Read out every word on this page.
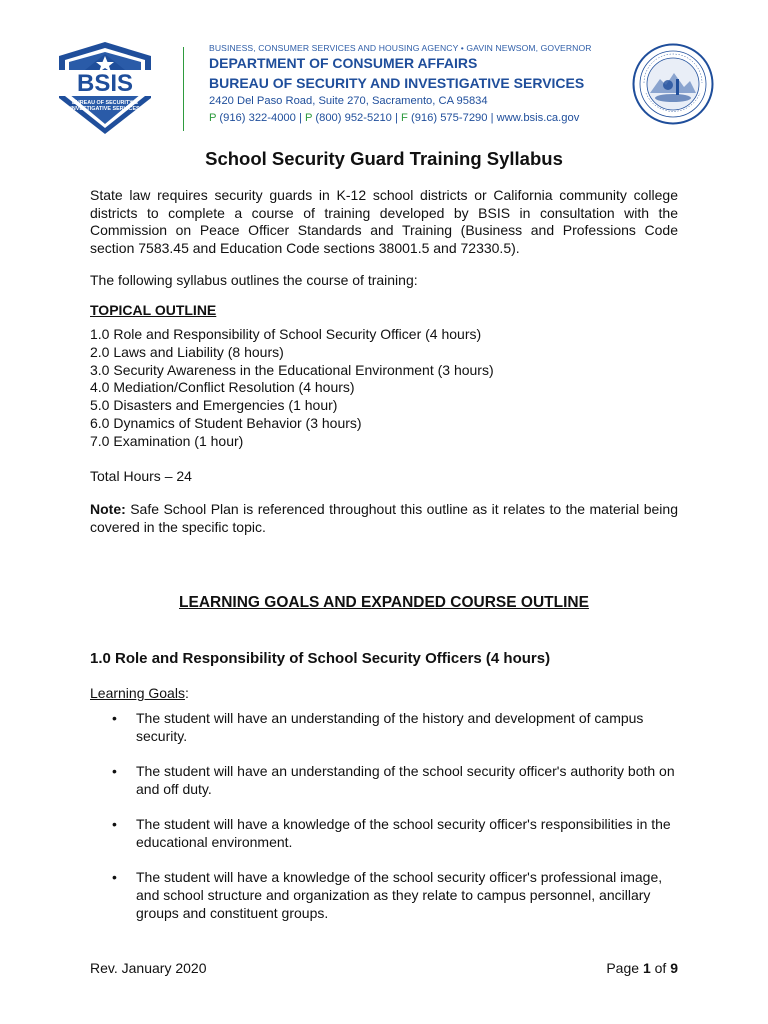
BSIS
BUREAU OF SECURITY &
INVESTIGATIVE SERVICES
BUSINESS, CONSUMER SERVICES AND HOUSING AGENCY • GAVIN NEWSOM, GOVERNOR
DEPARTMENT OF CONSUMER AFFAIRS
BUREAU OF SECURITY AND INVESTIGATIVE SERVICES
2420 Del Paso Road, Suite 270, Sacramento, CA 95834
P (916) 322-4000 | P (800) 952-5210 | F (916) 575-7290 | www.bsis.ca.gov
School Security Guard Training Syllabus
State law requires security guards in K-12 school districts or California community college districts to complete a course of training developed by BSIS in consultation with the Commission on Peace Officer Standards and Training (Business and Professions Code section 7583.45 and Education Code sections 38001.5 and 72330.5).
The following syllabus outlines the course of training:
TOPICAL OUTLINE
1.0 Role and Responsibility of School Security Officer (4 hours)
2.0 Laws and Liability (8 hours)
3.0 Security Awareness in the Educational Environment (3 hours)
4.0 Mediation/Conflict Resolution (4 hours)
5.0 Disasters and Emergencies (1 hour)
6.0 Dynamics of Student Behavior (3 hours)
7.0 Examination (1 hour)
Total Hours – 24
Note: Safe School Plan is referenced throughout this outline as it relates to the material being covered in the specific topic.
LEARNING GOALS AND EXPANDED COURSE OUTLINE
1.0 Role and Responsibility of School Security Officers (4 hours)
Learning Goals:
• The student will have an understanding of the history and development of campus security.
• The student will have an understanding of the school security officer's authority both on and off duty.
• The student will have a knowledge of the school security officer's responsibilities in the educational environment.
• The student will have a knowledge of the school security officer's professional image, and school structure and organization as they relate to campus personnel, ancillary groups and constituent groups.
Rev. January 2020	Page 1 of 9
